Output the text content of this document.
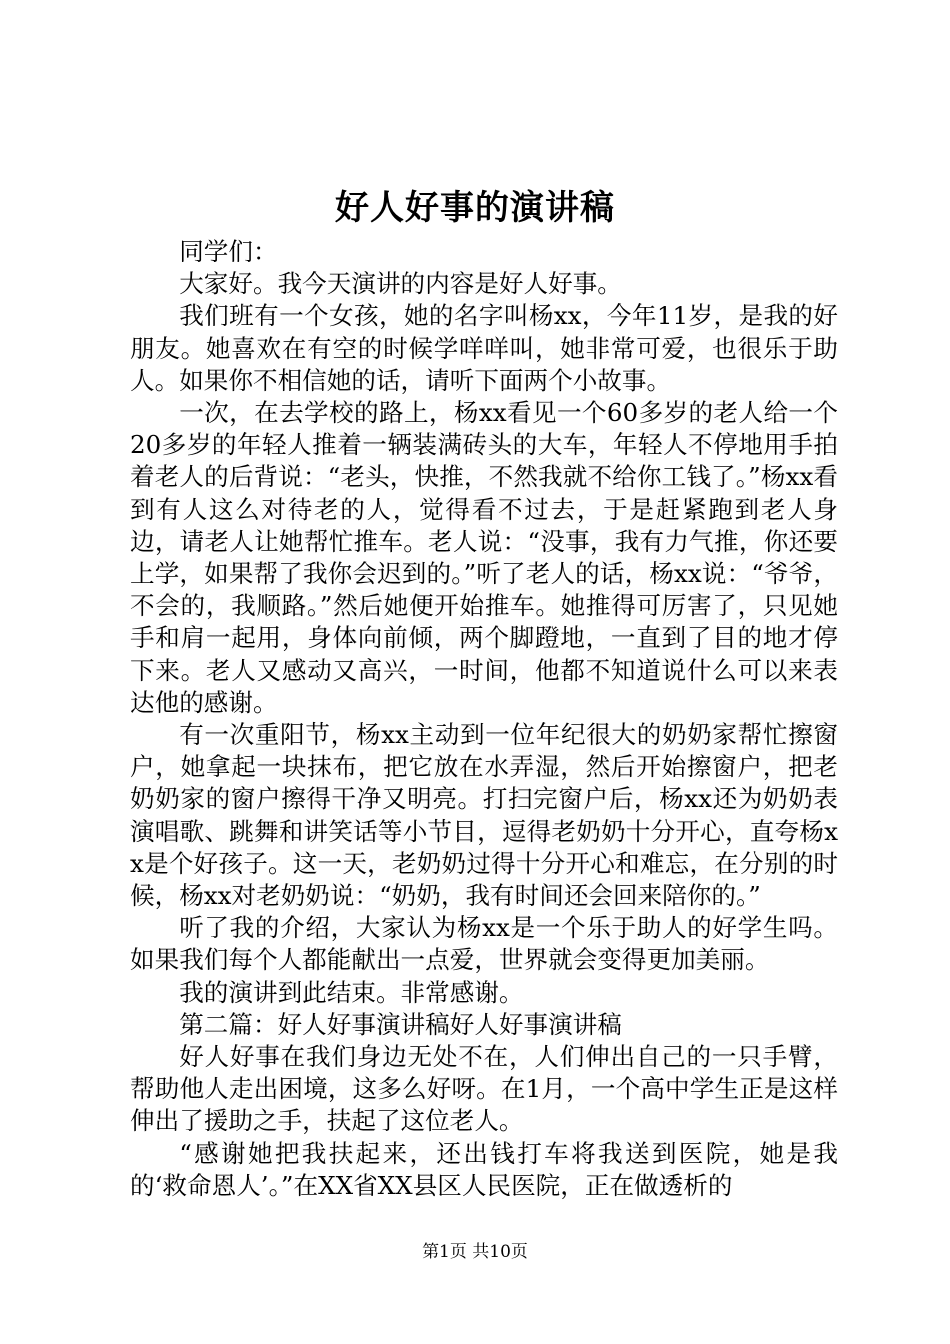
好人好事的演讲稿

同学们：

大家好。我今天演讲的内容是好人好事。

我们班有一个女孩，她的名字叫杨xx，今年11岁，是我的好朋友。她喜欢在有空的时候学咩咩叫，她非常可爱，也很乐于助人。如果你不相信她的话，请听下面两个小故事。

一次，在去学校的路上，杨xx看见一个60多岁的老人给一个20多岁的年轻人推着一辆装满砖头的大车，年轻人不停地用手拍着老人的后背说：“老头，快推，不然我就不给你工钱了。”杨xx看到有人这么对待老的人，觉得看不过去，于是赶紧跑到老人身边，请老人让她帮忙推车。老人说：“没事，我有力气推，你还要上学，如果帮了我你会迟到的。”听了老人的话，杨xx说：“爷爷，不会的，我顺路。”然后她便开始推车。她推得可厉害了，只见她手和肩一起用，身体向前倾，两个脚蹬地，一直到了目的地才停下来。老人又感动又高兴，一时间，他都不知道说什么可以来表达他的感谢。

有一次重阳节，杨xx主动到一位年纪很大的奶奶家帮忙擦窗户，她拿起一块抹布，把它放在水弄湿，然后开始擦窗户，把老奶奶家的窗户擦得干净又明亮。打扫完窗户后，杨xx还为奶奶表演唱歌、跳舞和讲笑话等小节目，逗得老奶奶十分开心，直夸杨xx是个好孩子。这一天，老奶奶过得十分开心和难忘，在分别的时候，杨xx对老奶奶说：“奶奶，我有时间还会回来陪你的。”

听了我的介绍，大家认为杨xx是一个乐于助人的好学生吗。如果我们每个人都能献出一点爱，世界就会变得更加美丽。

我的演讲到此结束。非常感谢。

第二篇：好人好事演讲稿好人好事演讲稿

好人好事在我们身边无处不在，人们伸出自己的一只手臂，帮助他人走出困境，这多么好呀。在1月，一个高中学生正是这样伸出了援助之手，扶起了这位老人。

“感谢她把我扶起来，还出钱打车将我送到医院，她是我的‘救命恩人’。”在XX省XX县区人民医院，正在做透析的

第1页 共10页
